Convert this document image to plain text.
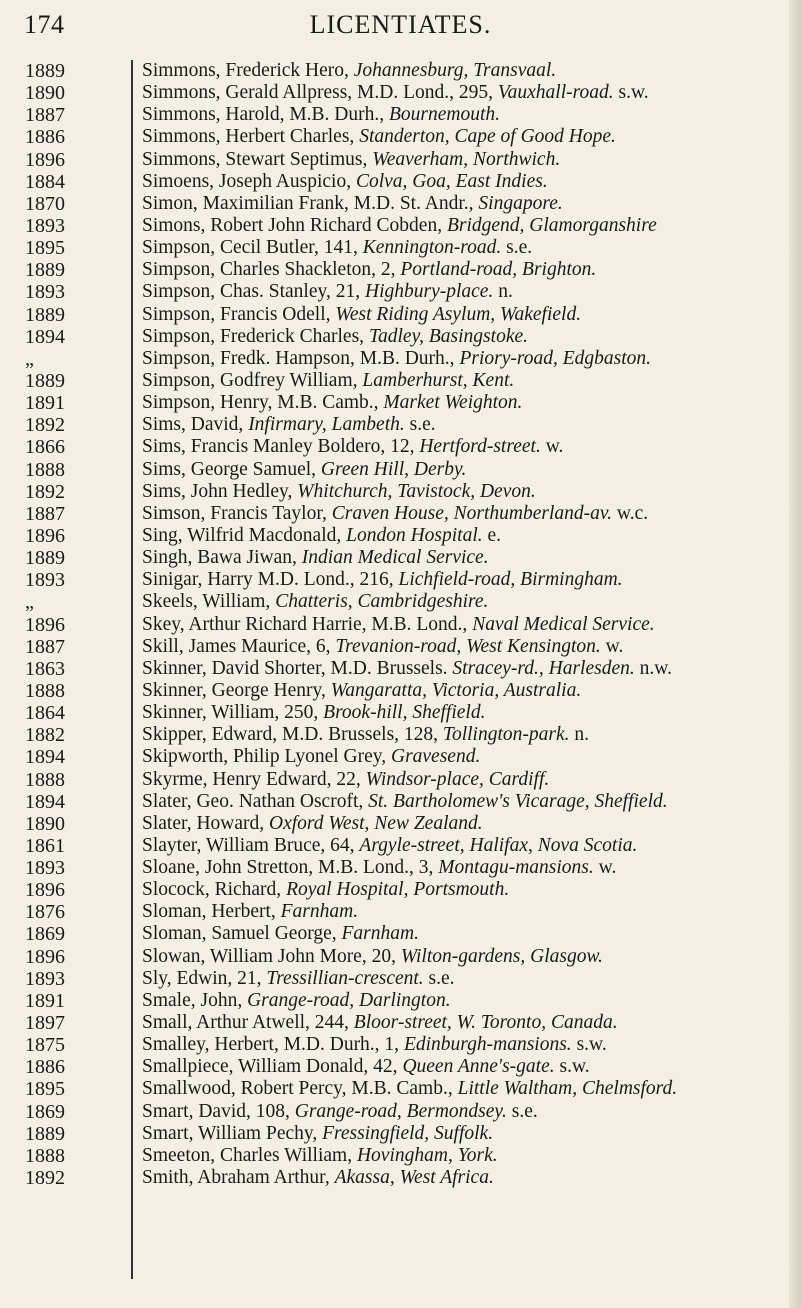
174	LICENTIATES.
1889	Simmons, Frederick Hero, Johannesburg, Transvaal.
1890	Simmons, Gerald Allpress, M.D. Lond., 295, Vauxhall-road. s.w.
1887	Simmons, Harold, M.B. Durh., Bournemouth.
1886	Simmons, Herbert Charles, Standerton, Cape of Good Hope.
1896	Simmons, Stewart Septimus, Weaverham, Northwich.
1884	Simoens, Joseph Auspicio, Colva, Goa, East Indies.
1870	Simon, Maximilian Frank, M.D. St. Andr., Singapore.
1893	Simons, Robert John Richard Cobden, Bridgend, Glamorganshire
1895	Simpson, Cecil Butler, 141, Kennington-road. s.e.
1889	Simpson, Charles Shackleton, 2, Portland-road, Brighton.
1893	Simpson, Chas. Stanley, 21, Highbury-place. n.
1889	Simpson, Francis Odell, West Riding Asylum, Wakefield.
1894	Simpson, Frederick Charles, Tadley, Basingstoke.
„	Simpson, Fredk. Hampson, M.B. Durh., Priory-road, Edgbaston.
1889	Simpson, Godfrey William, Lamberhurst, Kent.
1891	Simpson, Henry, M.B. Camb., Market Weighton.
1892	Sims, David, Infirmary, Lambeth. s.e.
1866	Sims, Francis Manley Boldero, 12, Hertford-street. w.
1888	Sims, George Samuel, Green Hill, Derby.
1892	Sims, John Hedley, Whitchurch, Tavistock, Devon.
1887	Simson, Francis Taylor, Craven House, Northumberland-av. w.c.
1896	Sing, Wilfrid Macdonald, London Hospital. e.
1889	Singh, Bawa Jiwan, Indian Medical Service.
1893	Sinigar, Harry M.D. Lond., 216, Lichfield-road, Birmingham.
„	Skeels, William, Chatteris, Cambridgeshire.
1896	Skey, Arthur Richard Harrie, M.B. Lond., Naval Medical Service.
1887	Skill, James Maurice, 6, Trevanion-road, West Kensington. w.
1863	Skinner, David Shorter, M.D. Brussels. Stracey-rd., Harlesden. n.w.
1888	Skinner, George Henry, Wangaratta, Victoria, Australia.
1864	Skinner, William, 250, Brook-hill, Sheffield.
1882	Skipper, Edward, M.D. Brussels, 128, Tollington-park. n.
1894	Skipworth, Philip Lyonel Grey, Gravesend.
1888	Skyrme, Henry Edward, 22, Windsor-place, Cardiff.
1894	Slater, Geo. Nathan Oscroft, St. Bartholomew's Vicarage, Sheffield.
1890	Slater, Howard, Oxford West, New Zealand.
1861	Slayter, William Bruce, 64, Argyle-street, Halifax, Nova Scotia.
1893	Sloane, John Stretton, M.B. Lond., 3, Montagu-mansions. w.
1896	Slocock, Richard, Royal Hospital, Portsmouth.
1876	Sloman, Herbert, Farnham.
1869	Sloman, Samuel George, Farnham.
1896	Slowan, William John More, 20, Wilton-gardens, Glasgow.
1893	Sly, Edwin, 21, Tressillian-crescent. s.e.
1891	Smale, John, Grange-road, Darlington.
1897	Small, Arthur Atwell, 244, Bloor-street, W. Toronto, Canada.
1875	Smalley, Herbert, M.D. Durh., 1, Edinburgh-mansions. s.w.
1886	Smallpiece, William Donald, 42, Queen Anne's-gate. s.w.
1895	Smallwood, Robert Percy, M.B. Camb., Little Waltham, Chelmsford.
1869	Smart, David, 108, Grange-road, Bermondsey. s.e.
1889	Smart, William Pechy, Fressingfield, Suffolk.
1888	Smeeton, Charles William, Hovingham, York.
1892	Smith, Abraham Arthur, Akassa, West Africa.
